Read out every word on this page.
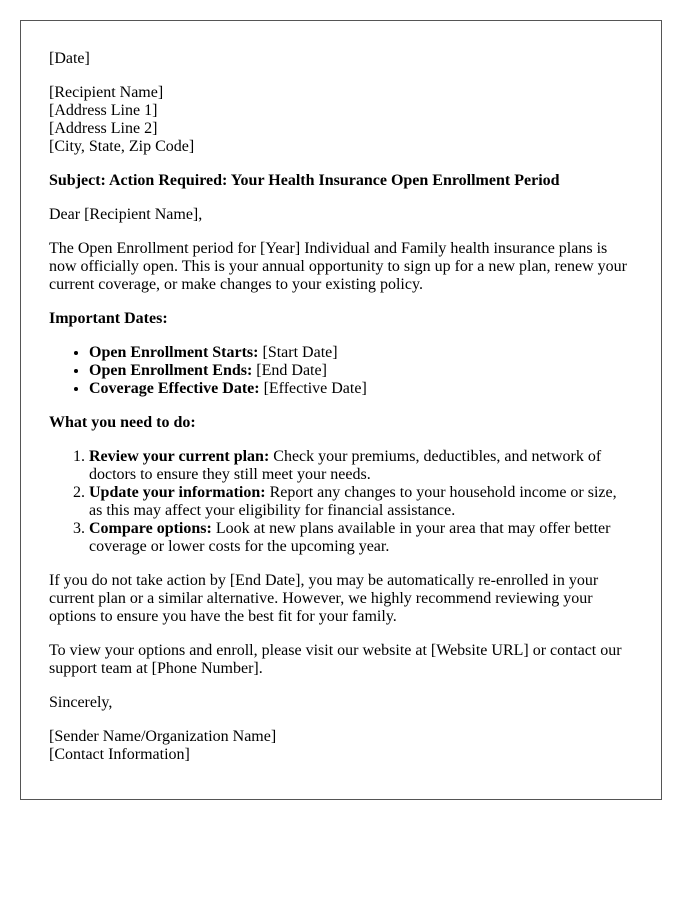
[Date]

[Recipient Name]
[Address Line 1]
[Address Line 2]
[City, State, Zip Code]

Subject: Action Required: Your Health Insurance Open Enrollment Period

Dear [Recipient Name],

The Open Enrollment period for [Year] Individual and Family health insurance plans is now officially open. This is your annual opportunity to sign up for a new plan, renew your current coverage, or make changes to your existing policy.

Important Dates:

• Open Enrollment Starts: [Start Date]
• Open Enrollment Ends: [End Date]
• Coverage Effective Date: [Effective Date]

What you need to do:

1. Review your current plan: Check your premiums, deductibles, and network of doctors to ensure they still meet your needs.
2. Update your information: Report any changes to your household income or size, as this may affect your eligibility for financial assistance.
3. Compare options: Look at new plans available in your area that may offer better coverage or lower costs for the upcoming year.

If you do not take action by [End Date], you may be automatically re-enrolled in your current plan or a similar alternative. However, we highly recommend reviewing your options to ensure you have the best fit for your family.

To view your options and enroll, please visit our website at [Website URL] or contact our support team at [Phone Number].

Sincerely,

[Sender Name/Organization Name]
[Contact Information]
